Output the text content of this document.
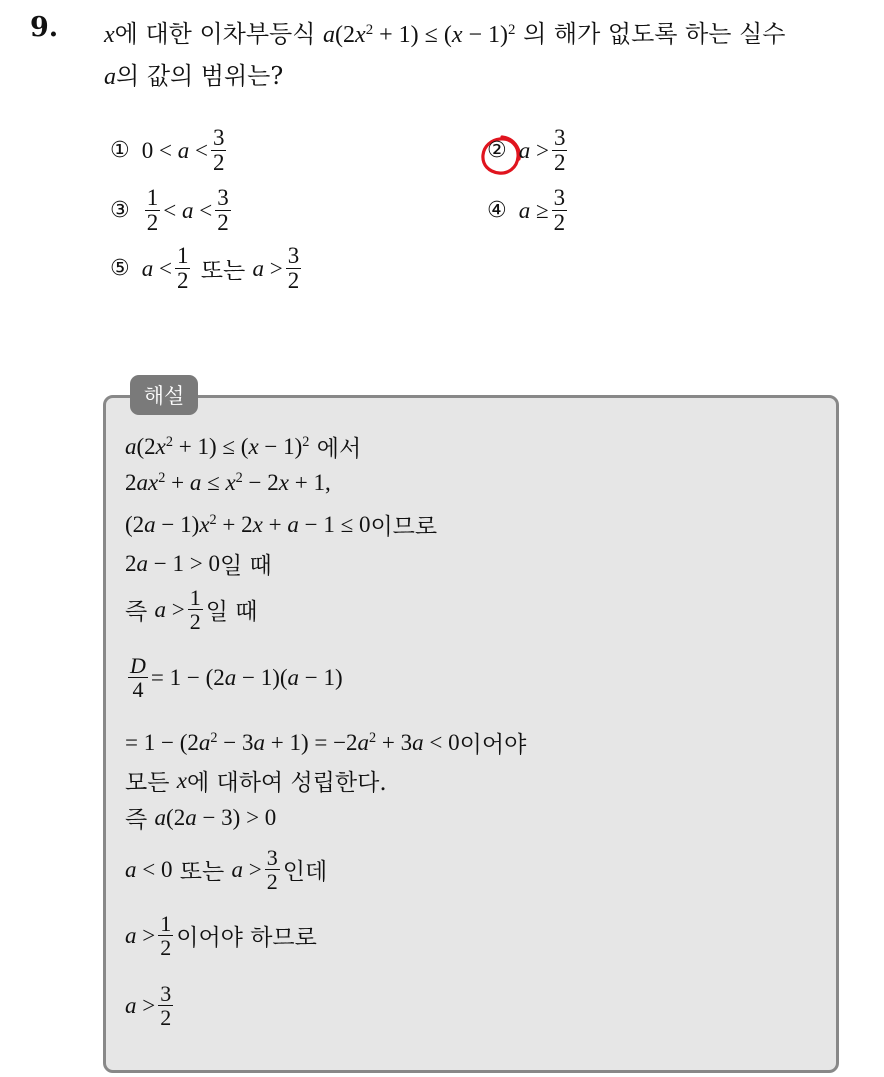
9. x에 대한 이차부등식 $a(2x^2 + 1) \le (x - 1)^2$ 의 해가 없도록 하는 실수
a의 값의 범위는?
① $0 < a < \frac{3}{2}$	② $a > \frac{3}{2}$
③ $\frac{1}{2} < a < \frac{3}{2}$	④ $a \ge \frac{3}{2}$
⑤ $a < \frac{1}{2}$ 또는 $a > \frac{3}{2}$
해설
$a(2x^2 + 1) \le (x - 1)^2$
에서
$2ax^2 + a \le x^2 - 2x + 1$,
$(2a - 1)x^2 + 2x + a - 1 \le 0$ 이므로
2a − 1 > 0 일 때
즉
$a > \frac{1}{2}$ 일 때
$\frac{D}{4} = 1 - (2a - 1)(a - 1)$
= $1 - (2a^2 - 3a + 1) = -2a^2 + 3a < 0$ 이어야
모든
x 에 대하여 성립한다.
즉
a(2a − 3) > 0
a < 0
또는
$a > \frac{3}{2}$ 인데
$a > \frac{1}{2}$ 이어야 하므로
$a > \frac{3}{2}$
